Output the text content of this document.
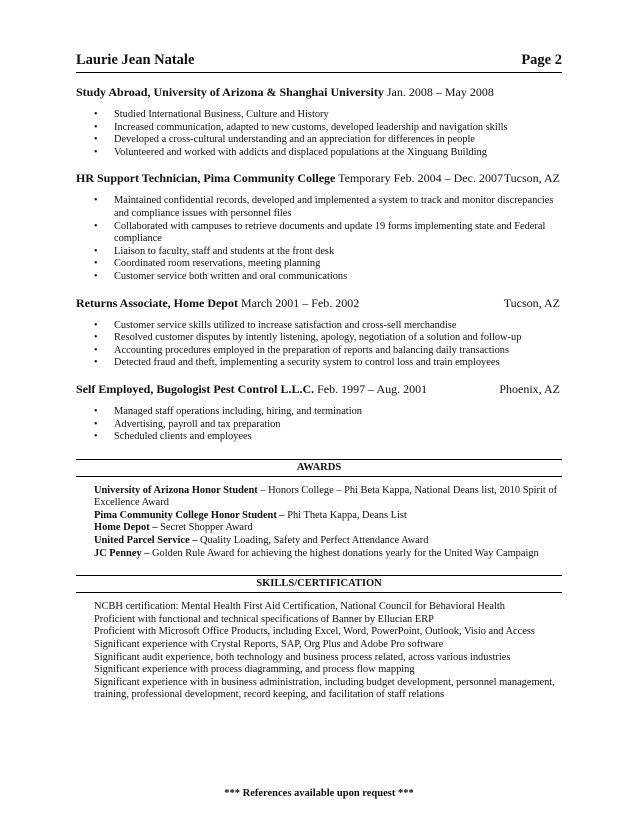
Laurie Jean Natale	Page 2
Study Abroad, University of Arizona & Shanghai University Jan. 2008 – May 2008
• Studied International Business, Culture and History
• Increased communication, adapted to new customs, developed leadership and navigation skills
• Developed a cross-cultural understanding and an appreciation for differences in people
• Volunteered and worked with addicts and displaced populations at the Xinguang Building
HR Support Technician, Pima Community College Temporary Feb. 2004 – Dec. 2007 Tucson, AZ
• Maintained confidential records, developed and implemented a system to track and monitor discrepancies and compliance issues with personnel files
• Collaborated with campuses to retrieve documents and update 19 forms implementing state and Federal compliance
• Liaison to faculty, staff and students at the front desk
• Coordinated room reservations, meeting planning
• Customer service both written and oral communications
Returns Associate, Home Depot March 2001 – Feb. 2002	Tucson, AZ
• Customer service skills utilized to increase satisfaction and cross-sell merchandise
• Resolved customer disputes by intently listening, apology, negotiation of a solution and follow-up
• Accounting procedures employed in the preparation of reports and balancing daily transactions
• Detected fraud and theft, implementing a security system to control loss and train employees
Self Employed, Bugologist Pest Control L.L.C. Feb. 1997 – Aug. 2001	Phoenix, AZ
• Managed staff operations including, hiring, and termination
• Advertising, payroll and tax preparation
• Scheduled clients and employees
AWARDS
University of Arizona Honor Student – Honors College – Phi Beta Kappa, National Deans list, 2010 Spirit of Excellence Award
Pima Community College Honor Student – Phi Theta Kappa, Deans List
Home Depot – Secret Shopper Award
United Parcel Service – Quality Loading, Safety and Perfect Attendance Award
JC Penney – Golden Rule Award for achieving the highest donations yearly for the United Way Campaign
SKILLS/CERTIFICATION
NCBH certification: Mental Health First Aid Certification, National Council for Behavioral Health
Proficient with functional and technical specifications of Banner by Ellucian ERP
Proficient with Microsoft Office Products, including Excel, Word, PowerPoint, Outlook, Visio and Access
Significant experience with Crystal Reports, SAP, Org Plus and Adobe Pro software
Significant audit experience, both technology and business process related, across various industries
Significant experience with process diagramming, and process flow mapping
Significant experience with in business administration, including budget development, personnel management, training, professional development, record keeping, and facilitation of staff relations
*** References available upon request ***
